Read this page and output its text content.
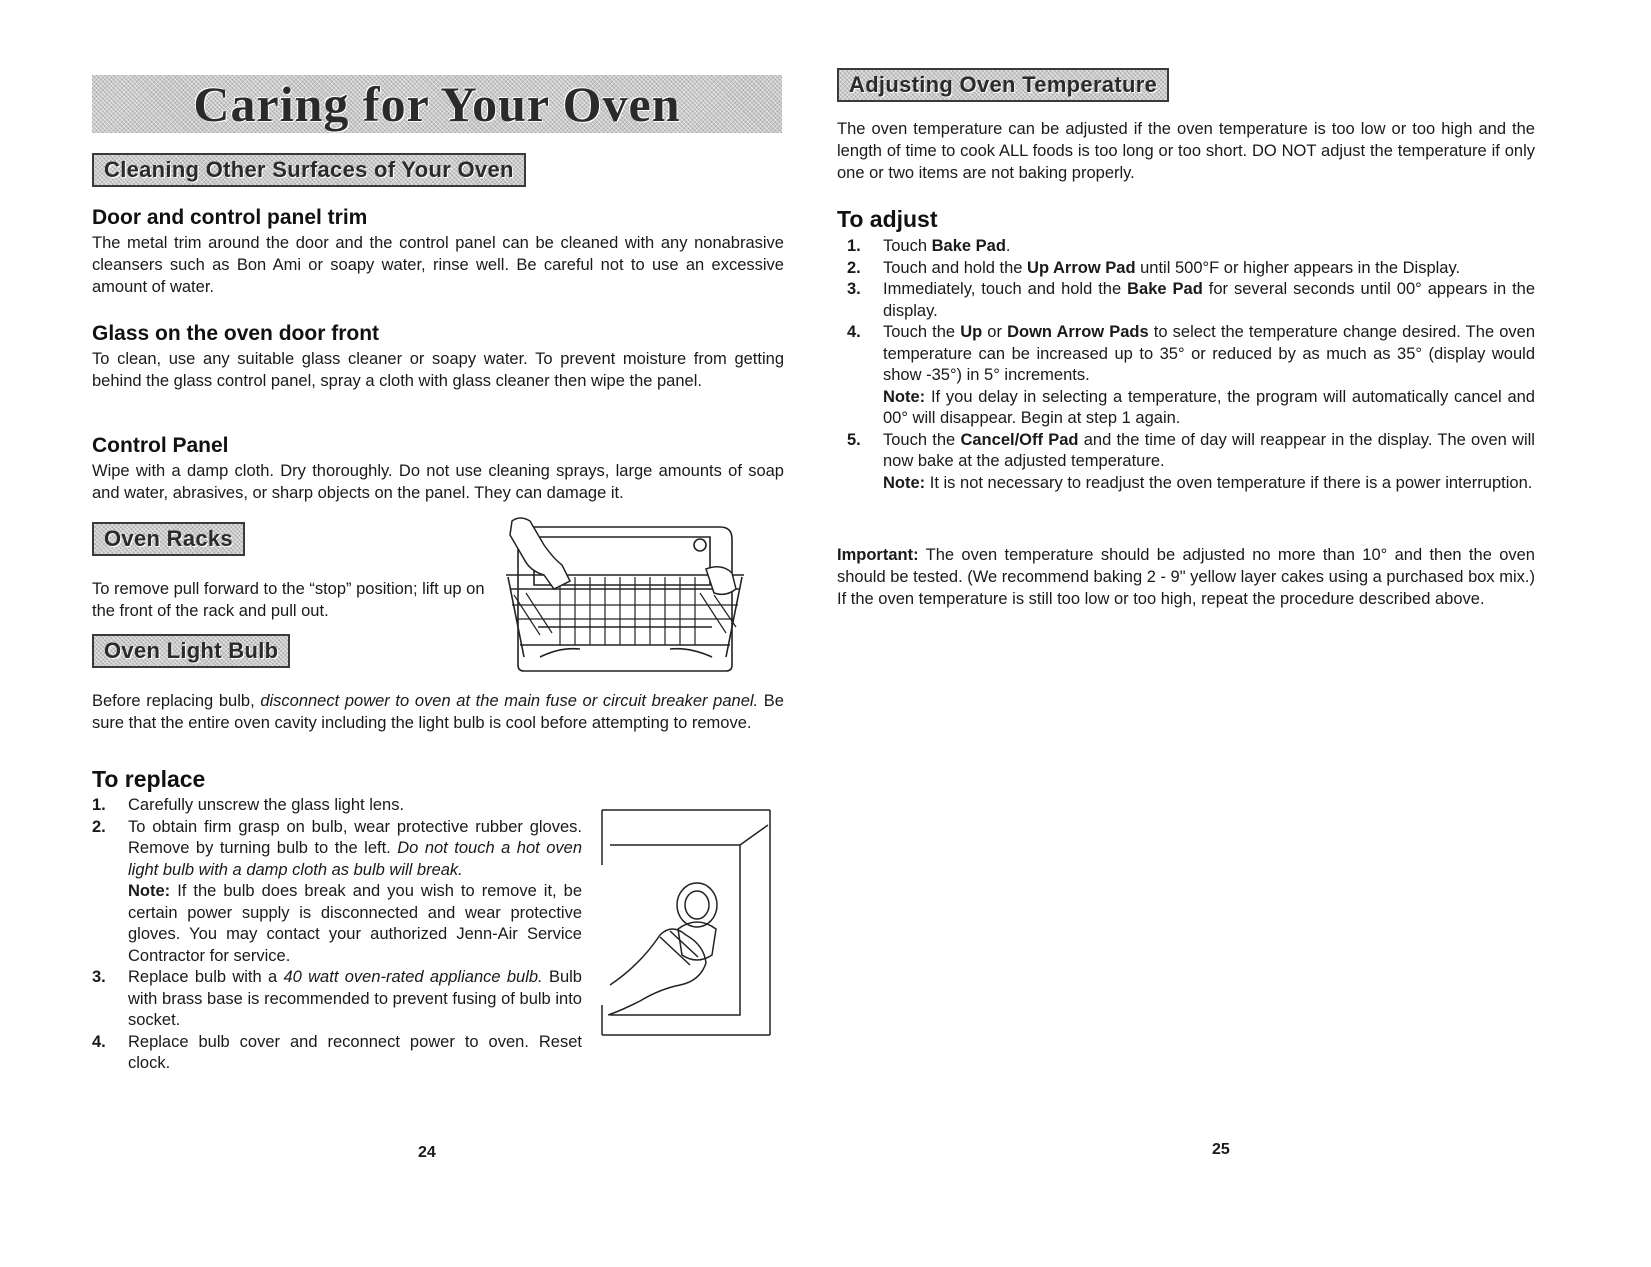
Caring for Your Oven
Cleaning Other Surfaces of Your Oven
Door and control panel trim

The metal trim around the door and the control panel can be cleaned with any nonabrasive cleansers such as Bon Ami or soapy water, rinse well. Be careful not to use an excessive amount of water.

Glass on the oven door front

To clean, use any suitable glass cleaner or soapy water. To prevent moisture from getting behind the glass control panel, spray a cloth with glass cleaner then wipe the panel.

Control Panel

Wipe with a damp cloth. Dry thoroughly. Do not use cleaning sprays, large amounts of soap and water, abrasives, or sharp objects on the panel. They can damage it.

Oven Racks

To remove pull forward to the “stop” position; lift up on the front of the rack and pull out.

Oven Light Bulb

Before replacing bulb, disconnect power to oven at the main fuse or circuit breaker panel. Be sure that the entire oven cavity including the light bulb is cool before attempting to remove.

To replace
1. Carefully unscrew the glass light lens.
2. To obtain firm grasp on bulb, wear protective rubber gloves. Remove by turning bulb to the left. Do not touch a hot oven light bulb with a damp cloth as bulb will break.
Note: If the bulb does break and you wish to remove it, be certain power supply is disconnected and wear protective gloves. You may contact your authorized Jenn-Air Service Contractor for service.
3. Replace bulb with a 40 watt oven-rated appliance bulb. Bulb with brass base is recommended to prevent fusing of bulb into socket.
4. Replace bulb cover and reconnect power to oven. Reset clock.
24
Adjusting Oven Temperature

The oven temperature can be adjusted if the oven temperature is too low or too high and the length of time to cook ALL foods is too long or too short. DO NOT adjust the temperature if only one or two items are not baking properly.

To adjust
1. Touch Bake Pad.
2. Touch and hold the Up Arrow Pad until 500°F or higher appears in the Display.
3. Immediately, touch and hold the Bake Pad for several seconds until 00° appears in the display.
4. Touch the Up or Down Arrow Pads to select the temperature change desired. The oven temperature can be increased up to 35° or reduced by as much as 35° (display would show -35°) in 5° increments.
Note: If you delay in selecting a temperature, the program will automatically cancel and 00° will disappear. Begin at step 1 again.
5. Touch the Cancel/Off Pad and the time of day will reappear in the display. The oven will now bake at the adjusted temperature.
Note: It is not necessary to readjust the oven temperature if there is a power interruption.

Important: The oven temperature should be adjusted no more than 10° and then the oven should be tested. (We recommend baking 2 - 9" yellow layer cakes using a purchased box mix.) If the oven temperature is still too low or too high, repeat the procedure described above.

25
